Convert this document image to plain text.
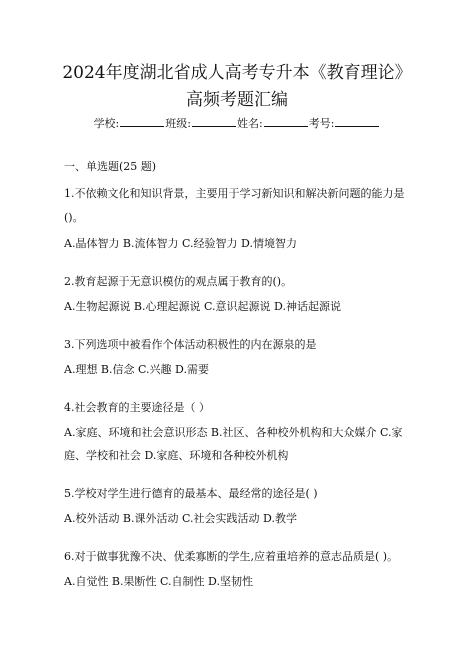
2024年度湖北省成人高考专升本《教育理论》
高频考题汇编
学校:	班级:	姓名:	考号:
一、单选题(25 题)
1.不依赖文化和知识背景，主要用于学习新知识和解决新问题的能力是
()。
A.晶体智力 B.流体智力 C.经验智力 D.情境智力
2.教育起源于无意识模仿的观点属于教育的()。
A.生物起源说 B.心理起源说 C.意识起源说 D.神话起源说
3.下列选项中被看作个体活动积极性的内在源泉的是
A.理想 B.信念 C.兴趣 D.需要
4.社会教育的主要途径是（ ）
A.家庭、环境和社会意识形态 B.社区、各种校外机构和大众媒介 C.家
庭、学校和社会 D.家庭、环境和各种校外机构
5.学校对学生进行德育的最基本、最经常的途径是( )
A.校外活动 B.课外活动 C.社会实践活动 D.教学
6.对于做事犹豫不决、优柔寡断的学生,应着重培养的意志品质是( )。
A.自觉性 B.果断性 C.自制性 D.坚韧性
